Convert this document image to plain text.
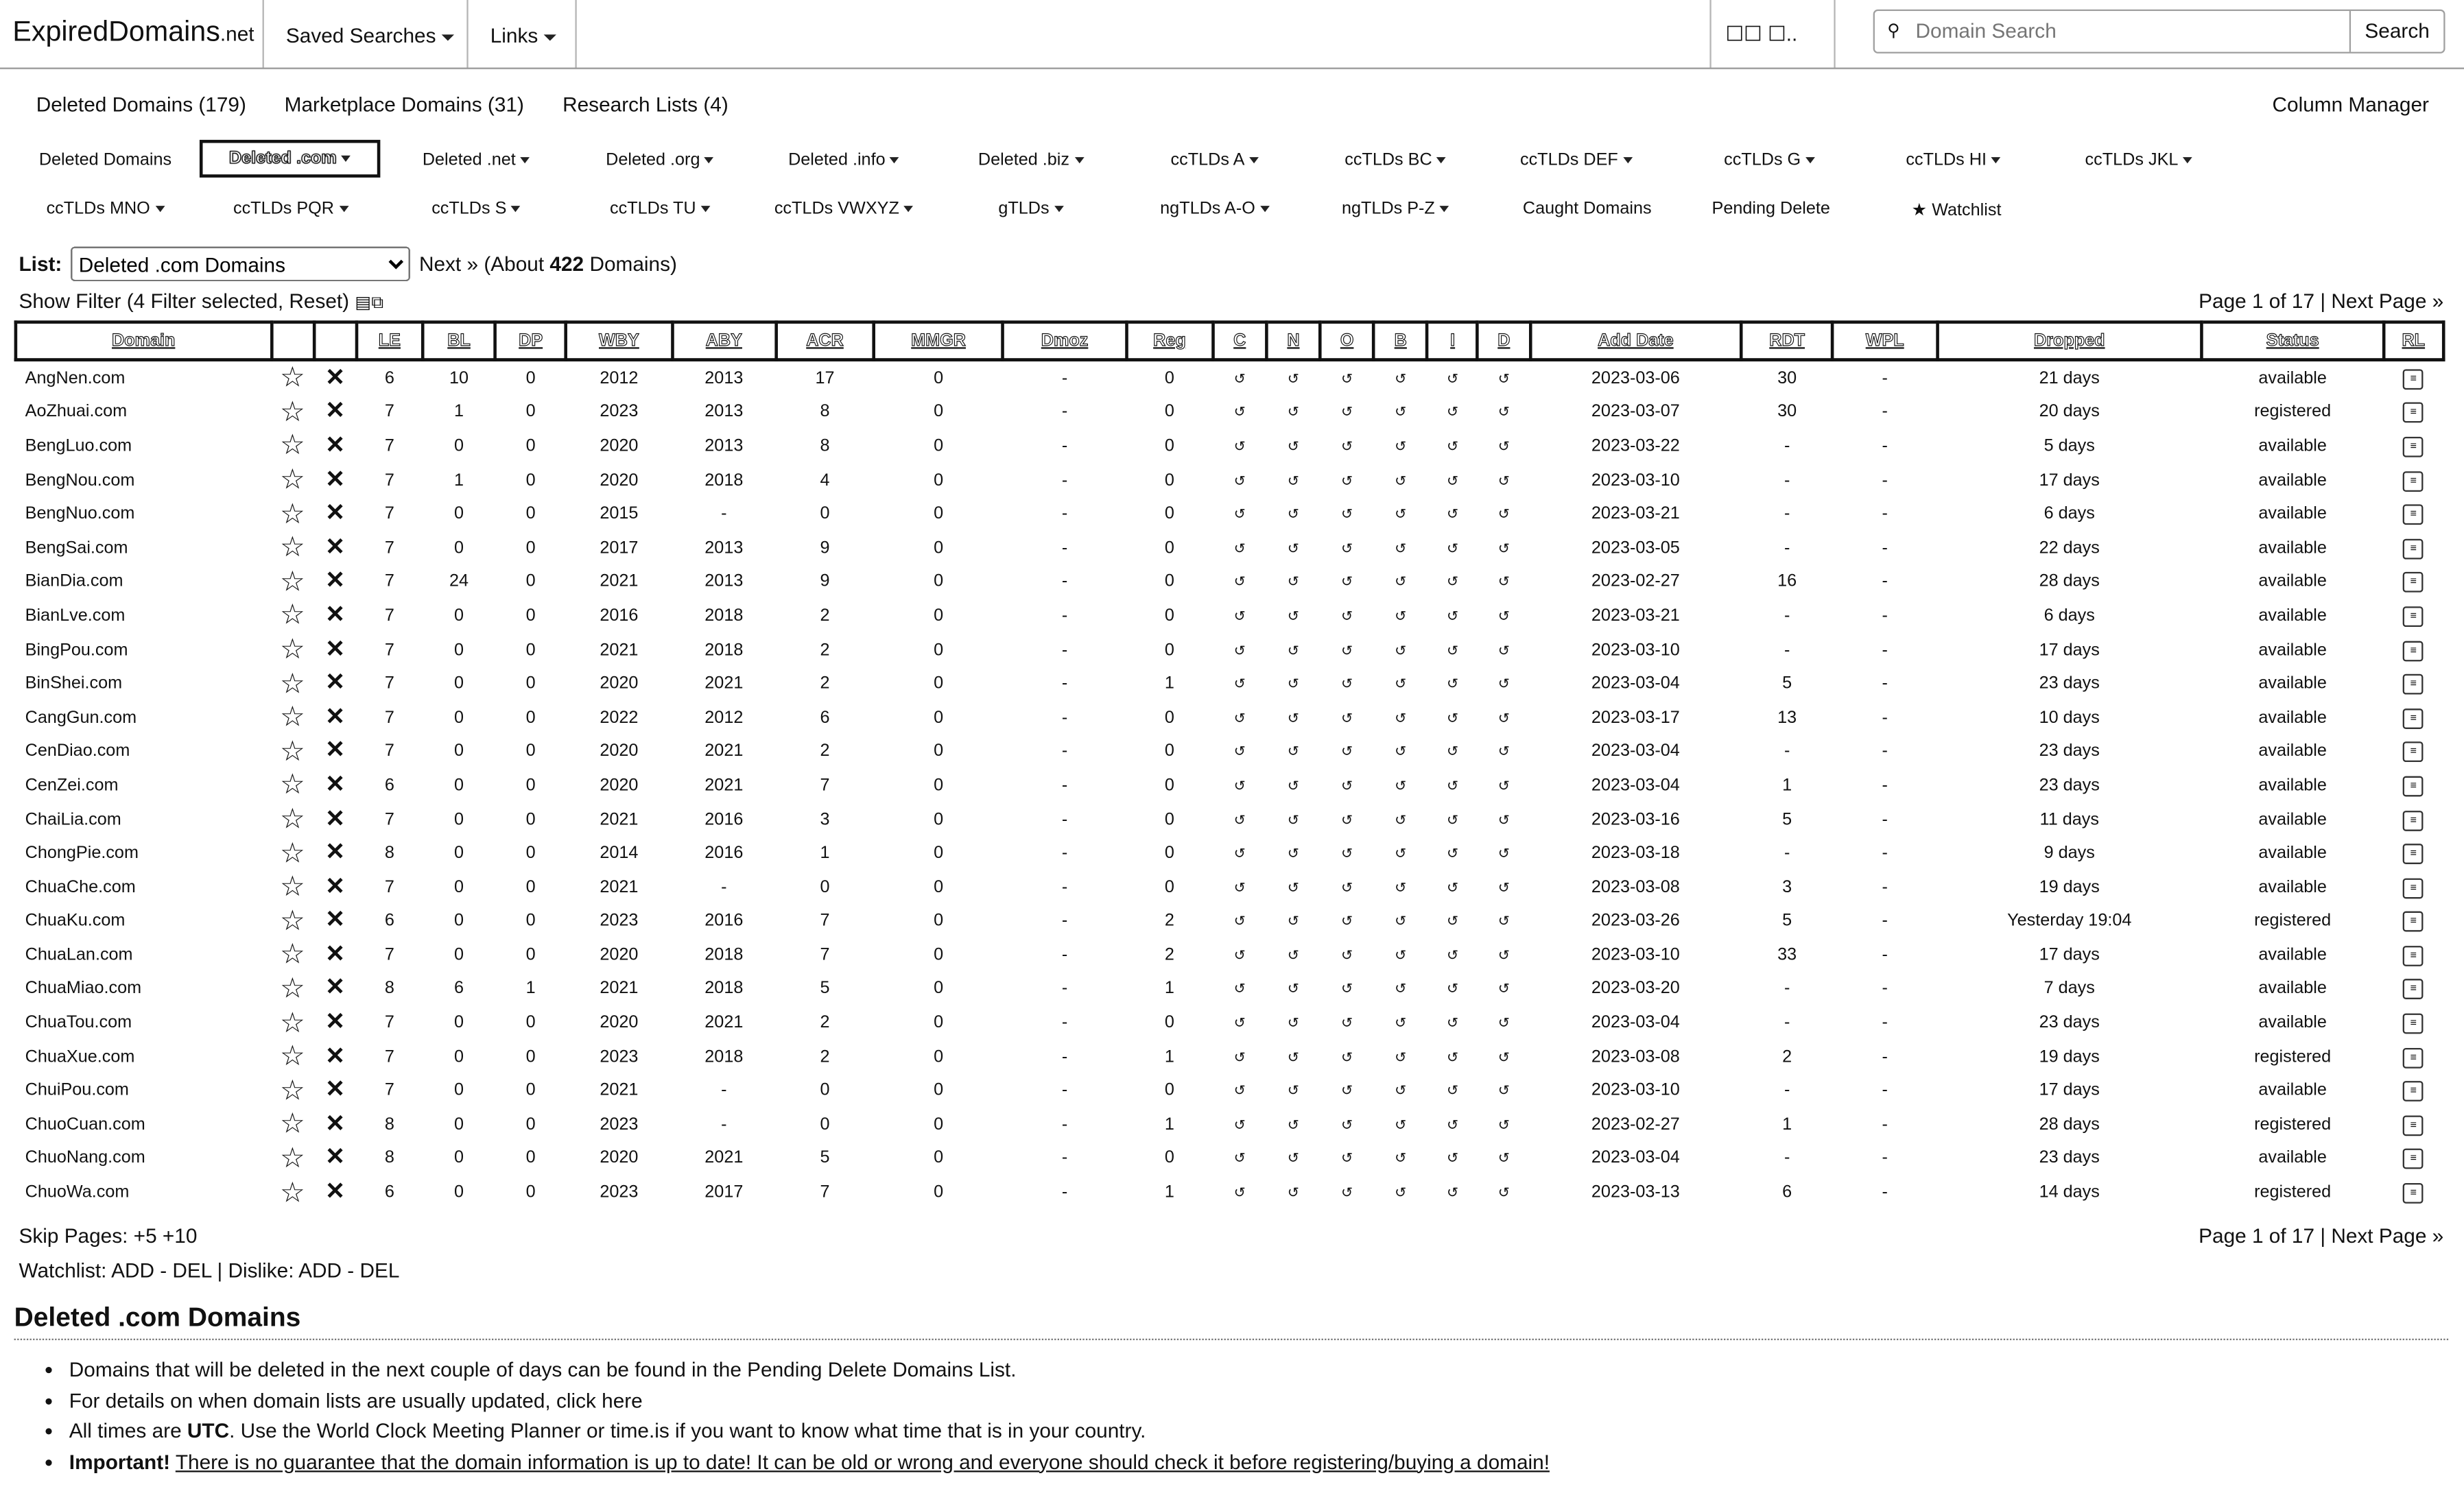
ExpiredDomains.net	Saved Searches	Links	☐☐ ☐..	⚲
Domain Search	Search
Deleted Domains (179)	Marketplace Domains (31)	Research Lists (4)	Column Manager
List:
Deleted .com Domains	Next » (About 422 Domains)
Show Filter (4 Filter selected, Reset) ▤⧉	Page 1 of 17 | Next Page »
Domain			LE	BL	DP	WBY	ABY	ACR	MMGR	Dmoz	Reg	C	N	O	B	I	D	Add Date	RDT	WPL	Dropped	Status	RL
AngNen.com	☆	✕	6	10	0	2012	2013	17	0	-	0	↺	↺	↺	↺	↺	↺	2023-03-06	30	-	21 days	available	≡
AoZhuai.com	☆	✕	7	1	0	2023	2013	8	0	-	0	↺	↺	↺	↺	↺	↺	2023-03-07	30	-	20 days	registered	≡
BengLuo.com	☆	✕	7	0	0	2020	2013	8	0	-	0	↺	↺	↺	↺	↺	↺	2023-03-22	-	-	5 days	available	≡
BengNou.com	☆	✕	7	1	0	2020	2018	4	0	-	0	↺	↺	↺	↺	↺	↺	2023-03-10	-	-	17 days	available	≡
BengNuo.com	☆	✕	7	0	0	2015	-	0	0	-	0	↺	↺	↺	↺	↺	↺	2023-03-21	-	-	6 days	available	≡
BengSai.com	☆	✕	7	0	0	2017	2013	9	0	-	0	↺	↺	↺	↺	↺	↺	2023-03-05	-	-	22 days	available	≡
BianDia.com	☆	✕	7	24	0	2021	2013	9	0	-	0	↺	↺	↺	↺	↺	↺	2023-02-27	16	-	28 days	available	≡
BianLve.com	☆	✕	7	0	0	2016	2018	2	0	-	0	↺	↺	↺	↺	↺	↺	2023-03-21	-	-	6 days	available	≡
BingPou.com	☆	✕	7	0	0	2021	2018	2	0	-	0	↺	↺	↺	↺	↺	↺	2023-03-10	-	-	17 days	available	≡
BinShei.com	☆	✕	7	0	0	2020	2021	2	0	-	1	↺	↺	↺	↺	↺	↺	2023-03-04	5	-	23 days	available	≡
CangGun.com	☆	✕	7	0	0	2022	2012	6	0	-	0	↺	↺	↺	↺	↺	↺	2023-03-17	13	-	10 days	available	≡
CenDiao.com	☆	✕	7	0	0	2020	2021	2	0	-	0	↺	↺	↺	↺	↺	↺	2023-03-04	-	-	23 days	available	≡
CenZei.com	☆	✕	6	0	0	2020	2021	7	0	-	0	↺	↺	↺	↺	↺	↺	2023-03-04	1	-	23 days	available	≡
ChaiLia.com	☆	✕	7	0	0	2021	2016	3	0	-	0	↺	↺	↺	↺	↺	↺	2023-03-16	5	-	11 days	available	≡
ChongPie.com	☆	✕	8	0	0	2014	2016	1	0	-	0	↺	↺	↺	↺	↺	↺	2023-03-18	-	-	9 days	available	≡
ChuaChe.com	☆	✕	7	0	0	2021	-	0	0	-	0	↺	↺	↺	↺	↺	↺	2023-03-08	3	-	19 days	available	≡
ChuaKu.com	☆	✕	6	0	0	2023	2016	7	0	-	2	↺	↺	↺	↺	↺	↺	2023-03-26	5	-	Yesterday 19:04	registered	≡
ChuaLan.com	☆	✕	7	0	0	2020	2018	7	0	-	2	↺	↺	↺	↺	↺	↺	2023-03-10	33	-	17 days	available	≡
ChuaMiao.com	☆	✕	8	6	1	2021	2018	5	0	-	1	↺	↺	↺	↺	↺	↺	2023-03-20	-	-	7 days	available	≡
ChuaTou.com	☆	✕	7	0	0	2020	2021	2	0	-	0	↺	↺	↺	↺	↺	↺	2023-03-04	-	-	23 days	available	≡
ChuaXue.com	☆	✕	7	0	0	2023	2018	2	0	-	1	↺	↺	↺	↺	↺	↺	2023-03-08	2	-	19 days	registered	≡
ChuiPou.com	☆	✕	7	0	0	2021	-	0	0	-	0	↺	↺	↺	↺	↺	↺	2023-03-10	-	-	17 days	available	≡
ChuoCuan.com	☆	✕	8	0	0	2023	-	0	0	-	1	↺	↺	↺	↺	↺	↺	2023-02-27	1	-	28 days	registered	≡
ChuoNang.com	☆	✕	8	0	0	2020	2021	5	0	-	0	↺	↺	↺	↺	↺	↺	2023-03-04	-	-	23 days	available	≡
ChuoWa.com	☆	✕	6	0	0	2023	2017	7	0	-	1	↺	↺	↺	↺	↺	↺	2023-03-13	6	-	14 days	registered	≡
Skip Pages: +5 +10	Page 1 of 17 | Next Page »
Watchlist: ADD - DEL | Dislike: ADD - DEL
Deleted .com Domains
• Domains that will be deleted in the next couple of days can be found in the Pending Delete Domains List.
• For details on when domain lists are usually updated, click here
• All times are UTC. Use the World Clock Meeting Planner or time.is if you want to know what time that is in your country.
• Important! There is no guarantee that the domain information is up to date! It can be old or wrong and everyone should check it before registering/buying a domain!
Deleted Domains	Deleted .com	Deleted .net	Deleted .org	Deleted .info	Deleted .biz	ccTLDs A	ccTLDs BC	ccTLDs DEF	ccTLDs G	ccTLDs HI	ccTLDs JKL
ccTLDs MNO	ccTLDs PQR	ccTLDs S	ccTLDs TU	ccTLDs VWXYZ	gTLDs	ngTLDs A-O	ngTLDs P-Z	Caught Domains	Pending Delete	★ Watchlist
